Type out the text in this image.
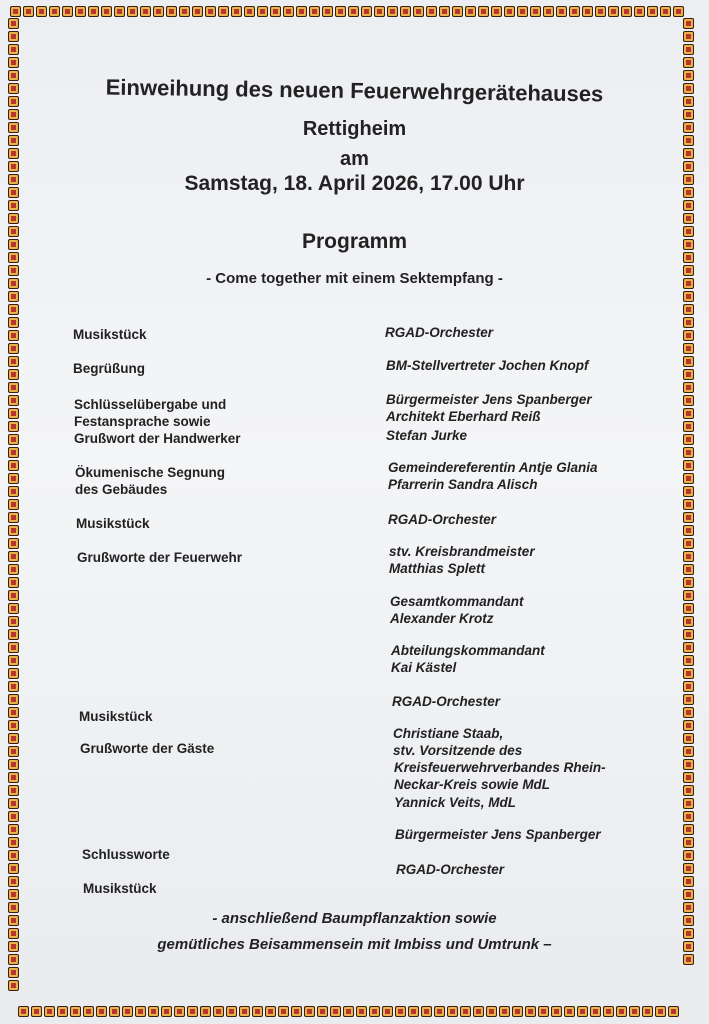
Einweihung des neuen Feuerwehrgerätehauses
Rettigheim
am
Samstag, 18. April 2026, 17.00 Uhr
Programm
- Come together mit einem Sektempfang -
Musikstück
Begrüßung
Schlüsselübergabe und
Festansprache sowie
Grußwort der Handwerker
Ökumenische Segnung
des Gebäudes
Musikstück
Grußworte der Feuerwehr
Musikstück
Grußworte der Gäste
Schlussworte
Musikstück
RGAD-Orchester
BM-Stellvertreter Jochen Knopf
Bürgermeister Jens Spanberger
Architekt Eberhard Reiß
Stefan Jurke
Gemeindereferentin Antje Glania
Pfarrerin Sandra Alisch
RGAD-Orchester
stv. Kreisbrandmeister
Matthias Splett
Gesamtkommandant
Alexander Krotz
Abteilungskommandant
Kai Kästel
RGAD-Orchester
Christiane Staab,
stv. Vorsitzende des
Kreisfeuerwehrverbandes Rhein-
Neckar-Kreis sowie MdL
Yannick Veits, MdL
Bürgermeister Jens Spanberger
RGAD-Orchester
- anschließend Baumpflanzaktion sowie
gemütliches Beisammensein mit Imbiss und Umtrunk –
